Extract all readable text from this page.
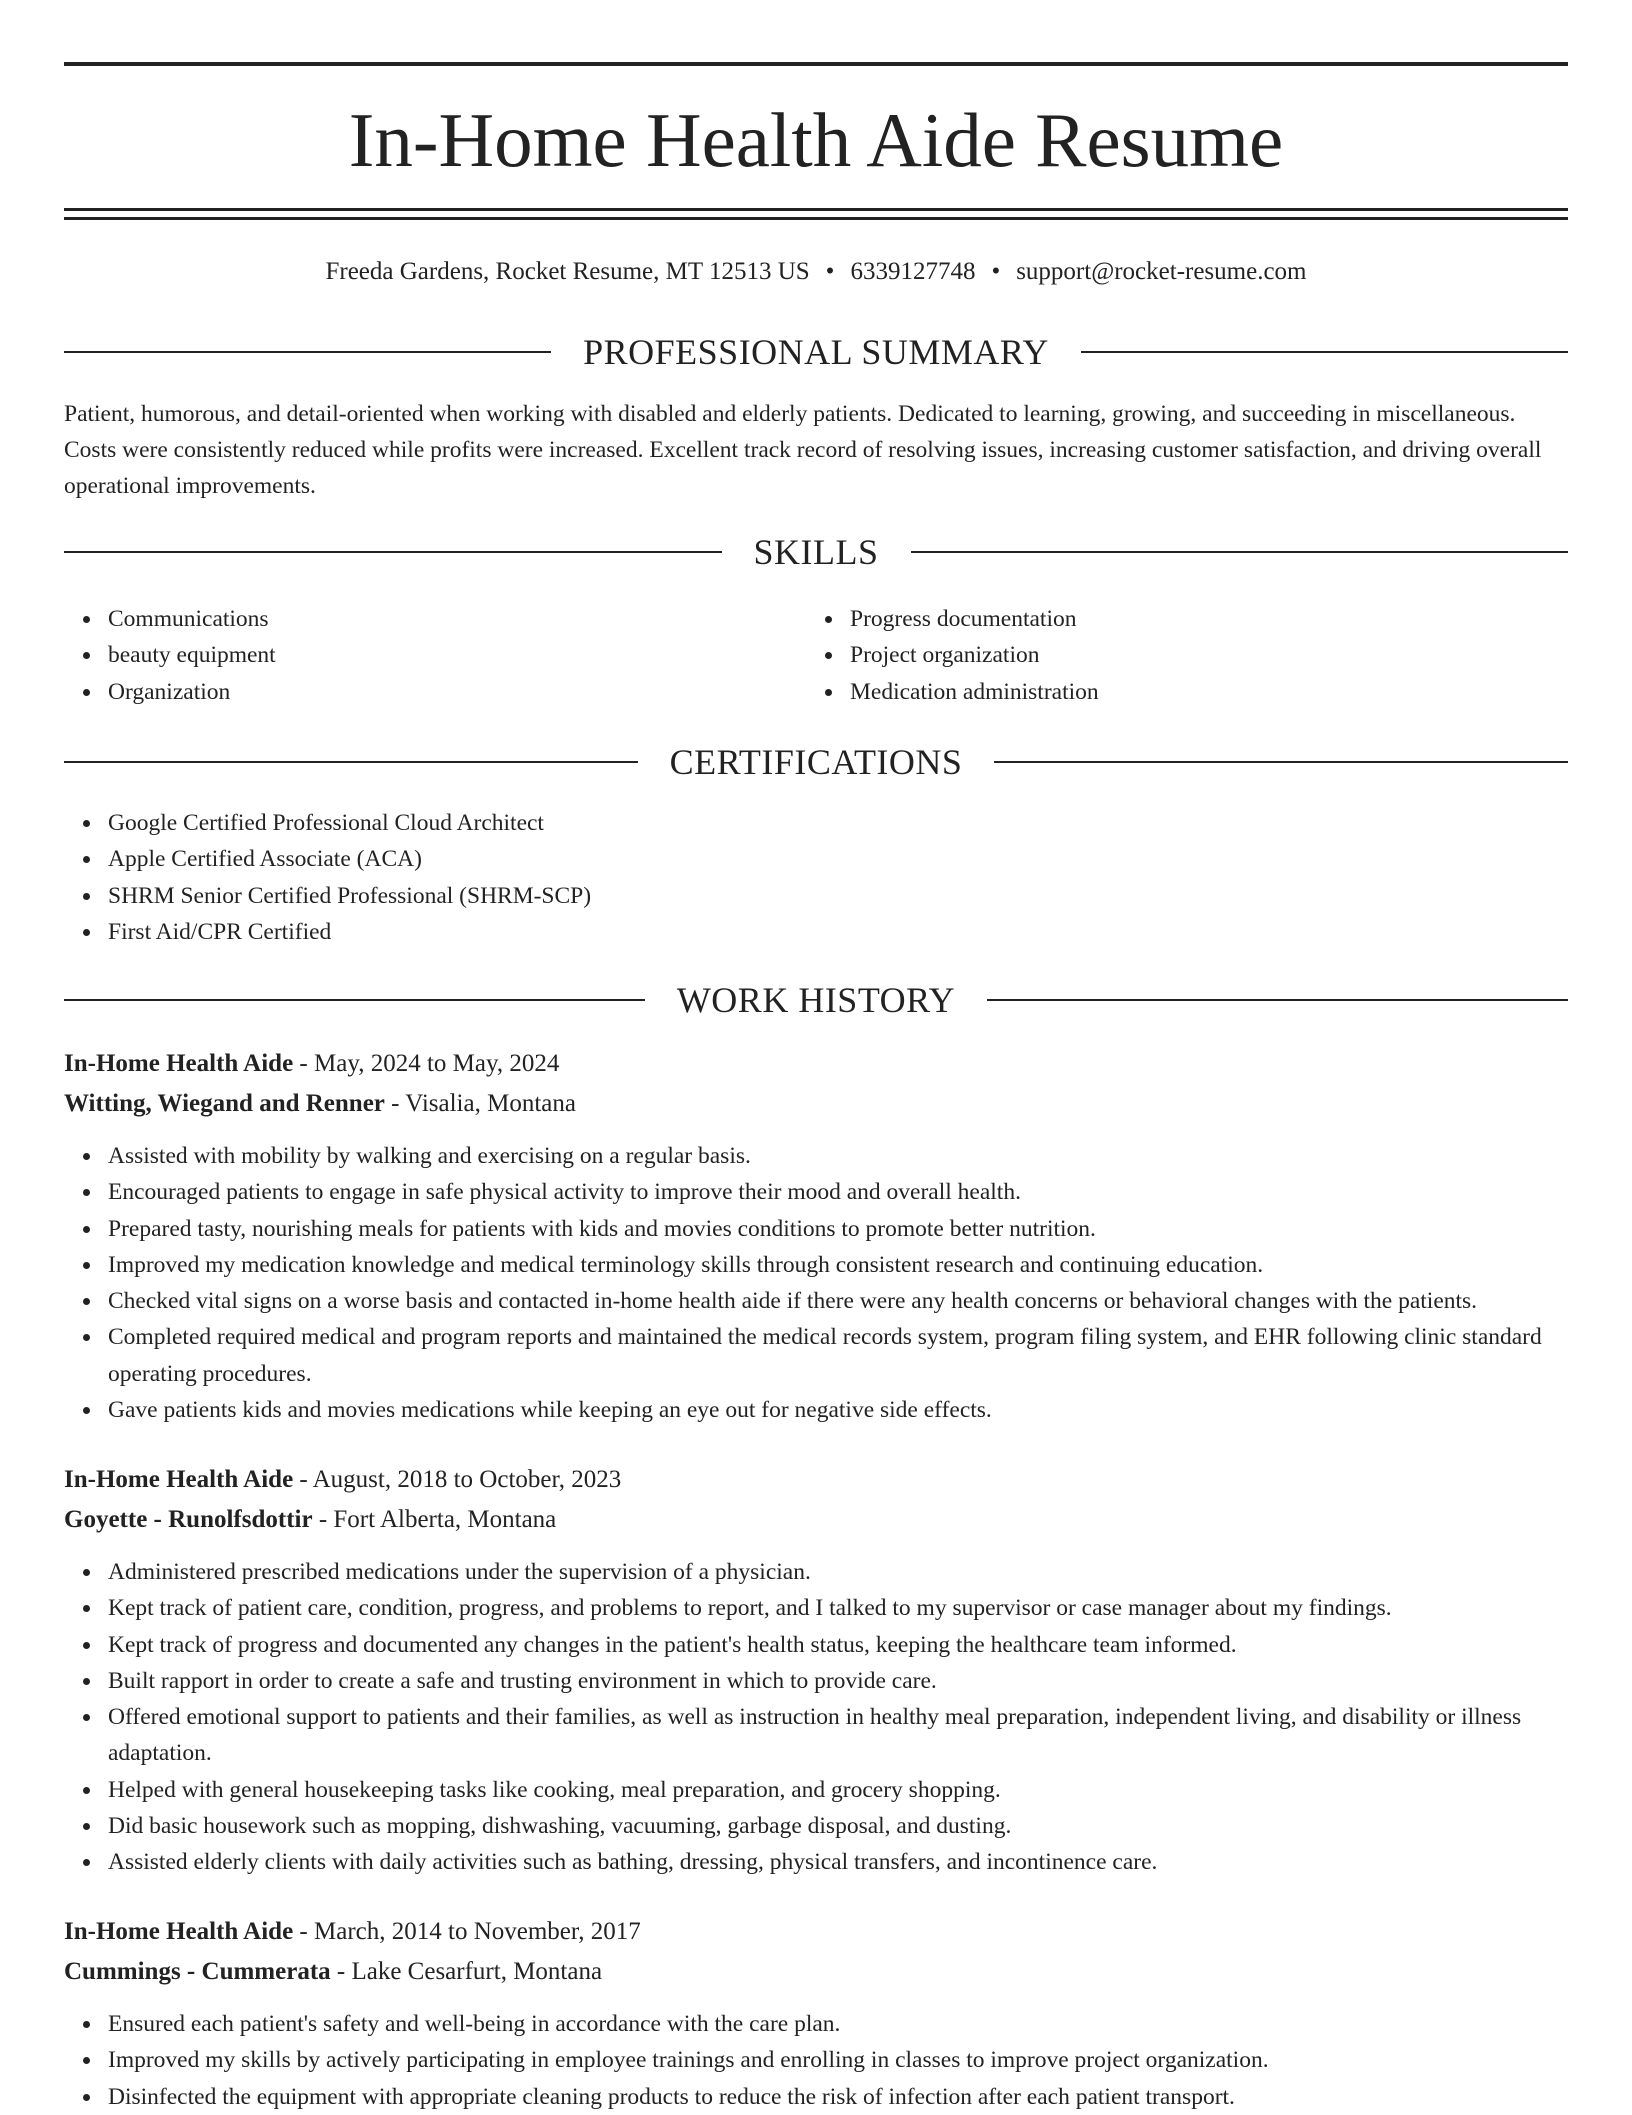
In-Home Health Aide Resume
Freeda Gardens, Rocket Resume, MT 12513 US • 6339127748 • support@rocket-resume.com
PROFESSIONAL SUMMARY

Patient, humorous, and detail-oriented when working with disabled and elderly patients. Dedicated to learning, growing, and succeeding in miscellaneous. Costs were consistently reduced while profits were increased. Excellent track record of resolving issues, increasing customer satisfaction, and driving overall operational improvements.

SKILLS
Communications
beauty equipment
Organization
Progress documentation
Project organization
Medication administration
CERTIFICATIONS
Google Certified Professional Cloud Architect
Apple Certified Associate (ACA)
SHRM Senior Certified Professional (SHRM-SCP)
First Aid/CPR Certified
WORK HISTORY
In-Home Health Aide - May, 2024 to May, 2024
Witting, Wiegand and Renner - Visalia, Montana
Assisted with mobility by walking and exercising on a regular basis.
Encouraged patients to engage in safe physical activity to improve their mood and overall health.
Prepared tasty, nourishing meals for patients with kids and movies conditions to promote better nutrition.
Improved my medication knowledge and medical terminology skills through consistent research and continuing education.
Checked vital signs on a worse basis and contacted in-home health aide if there were any health concerns or behavioral changes with the patients.
Completed required medical and program reports and maintained the medical records system, program filing system, and EHR following clinic standard operating procedures.
Gave patients kids and movies medications while keeping an eye out for negative side effects.
In-Home Health Aide - August, 2018 to October, 2023
Goyette - Runolfsdottir - Fort Alberta, Montana
Administered prescribed medications under the supervision of a physician.
Kept track of patient care, condition, progress, and problems to report, and I talked to my supervisor or case manager about my findings.
Kept track of progress and documented any changes in the patient's health status, keeping the healthcare team informed.
Built rapport in order to create a safe and trusting environment in which to provide care.
Offered emotional support to patients and their families, as well as instruction in healthy meal preparation, independent living, and disability or illness adaptation.
Helped with general housekeeping tasks like cooking, meal preparation, and grocery shopping.
Did basic housework such as mopping, dishwashing, vacuuming, garbage disposal, and dusting.
Assisted elderly clients with daily activities such as bathing, dressing, physical transfers, and incontinence care.
In-Home Health Aide - March, 2014 to November, 2017
Cummings - Cummerata - Lake Cesarfurt, Montana
Ensured each patient's safety and well-being in accordance with the care plan.
Improved my skills by actively participating in employee trainings and enrolling in classes to improve project organization.
Disinfected the equipment with appropriate cleaning products to reduce the risk of infection after each patient transport.
